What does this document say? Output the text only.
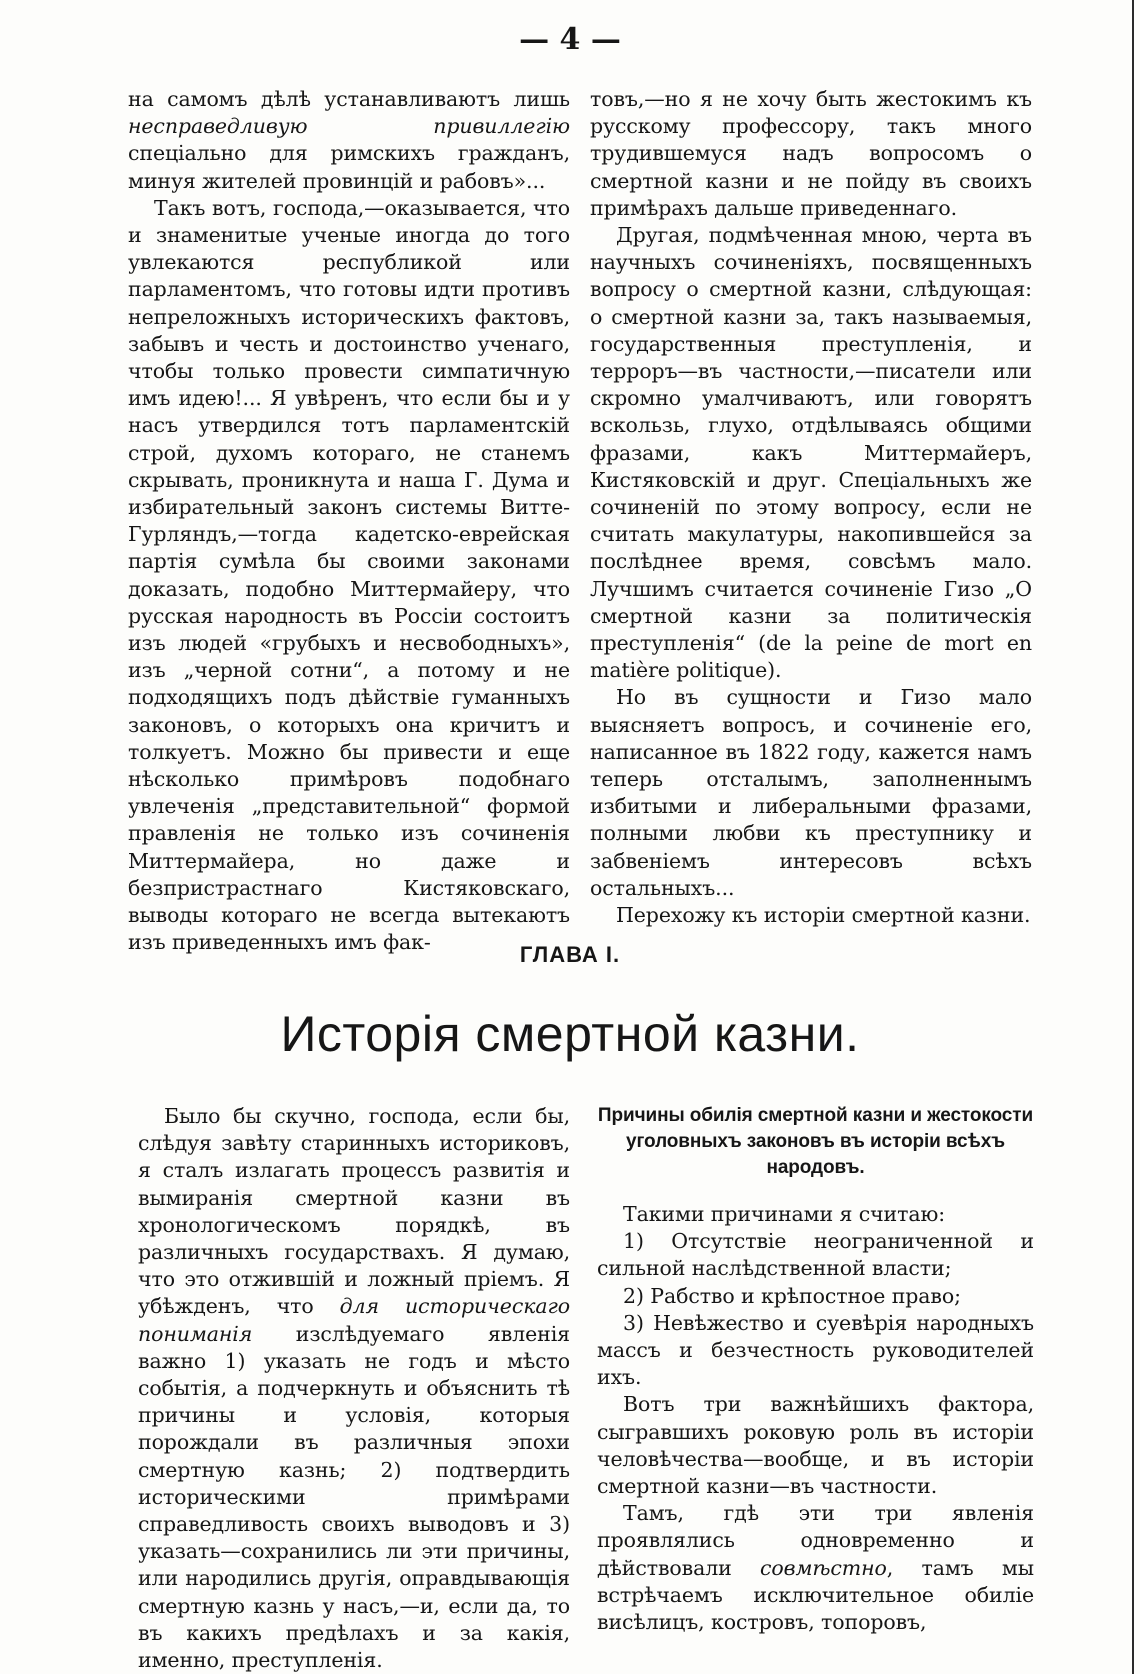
— 4 —

на самомъ дѣлѣ устанавливаютъ лишь несправедливую привиллегію спеціально для римскихъ гражданъ, минуя жителей провинцій и рабовъ»...

Такъ вотъ, господа,—оказывается, что и знаменитые ученые иногда до того увлекаются республикой или парламентомъ, что готовы идти противъ непреложныхъ историческихъ фактовъ, забывъ и честь и достоинство ученаго, чтобы только провести симпатичную имъ идею!... Я увѣренъ, что если бы и у насъ утвердился тотъ парламентскій строй, духомъ котораго, не станемъ скрывать, проникнута и наша Г. Дума и избирательный законъ системы Витте-Гурляндъ,—тогда кадетско-еврейская партія сумѣла бы своими законами доказать, подобно Миттермайеру, что русская народность въ Россіи состоитъ изъ людей «грубыхъ и несвободныхъ», изъ „черной сотни“, а потому и не подходящихъ подъ дѣйствіе гуманныхъ законовъ, о которыхъ она кричитъ и толкуетъ. Можно бы привести и еще нѣсколько примѣровъ подобнаго увлеченія „представительной“ формой правленія не только изъ сочиненія Миттермайера, но даже и безпристрастнаго Кистяковскаго, выводы котораго не всегда вытекаютъ изъ приведенныхъ имъ фак-

товъ,—но я не хочу быть жестокимъ къ русскому профессору, такъ много трудившемуся надъ вопросомъ о смертной казни и не пойду въ своихъ примѣрахъ дальше приведеннаго.

Другая, подмѣченная мною, черта въ научныхъ сочиненіяхъ, посвященныхъ вопросу о смертной казни, слѣдующая: о смертной казни за, такъ называемыя, государственныя преступленія, и терроръ—въ частности,—писатели или скромно умалчиваютъ, или говорятъ вскользь, глухо, отдѣлываясь общими фразами, какъ Миттермайеръ, Кистяковскій и друг. Спеціальныхъ же сочиненій по этому вопросу, если не считать макулатуры, накопившейся за послѣднее время, совсѣмъ мало. Лучшимъ считается сочиненіе Гизо „О смертной казни за политическія преступленія“ (de la peine de mort en matière politique).

Но въ сущности и Гизо мало выясняетъ вопросъ, и сочиненіе его, написанное въ 1822 году, кажется намъ теперь отсталымъ, заполненнымъ избитыми и либеральными фразами, полными любви къ преступнику и забвеніемъ интересовъ всѣхъ остальныхъ...

Перехожу къ исторіи смертной казни.

ГЛАВА I.
Исторія смертной казни.

Было бы скучно, господа, если бы, слѣдуя завѣту старинныхъ историковъ, я сталъ излагать процессъ развитія и вымиранія смертной казни въ хронологическомъ порядкѣ, въ различныхъ государствахъ. Я думаю, что это отжившій и ложный пріемъ. Я убѣжденъ, что для историческаго пониманія изслѣдуемаго явленія важно 1) указать не годъ и мѣсто событія, а подчеркнуть и объяснить тѣ причины и условія, которыя порождали въ различныя эпохи смертную казнь; 2) подтвердить историческими примѣрами справедливость своихъ выводовъ и 3) указать—сохранились ли эти причины, или народились другія, оправдывающія смертную казнь у насъ,—и, если да, то въ какихъ предѣлахъ и за какія, именно, преступленія.

Причины обилія смертной казни и жестокости уголовныхъ законовъ въ исторіи всѣхъ народовъ.

Такими причинами я считаю:

1) Отсутствіе неограниченной и сильной наслѣдственной власти;

2) Рабство и крѣпостное право;

3) Невѣжество и суевѣрія народныхъ массъ и безчестность руководителей ихъ.

Вотъ три важнѣйшихъ фактора, сыгравшихъ роковую роль въ исторіи человѣчества—вообще, и въ исторіи смертной казни—въ частности.

Тамъ, гдѣ эти три явленія проявлялись одновременно и дѣйствовали совмѣстно, тамъ мы встрѣчаемъ исключительное обиліе висѣлицъ, костровъ, топоровъ,
